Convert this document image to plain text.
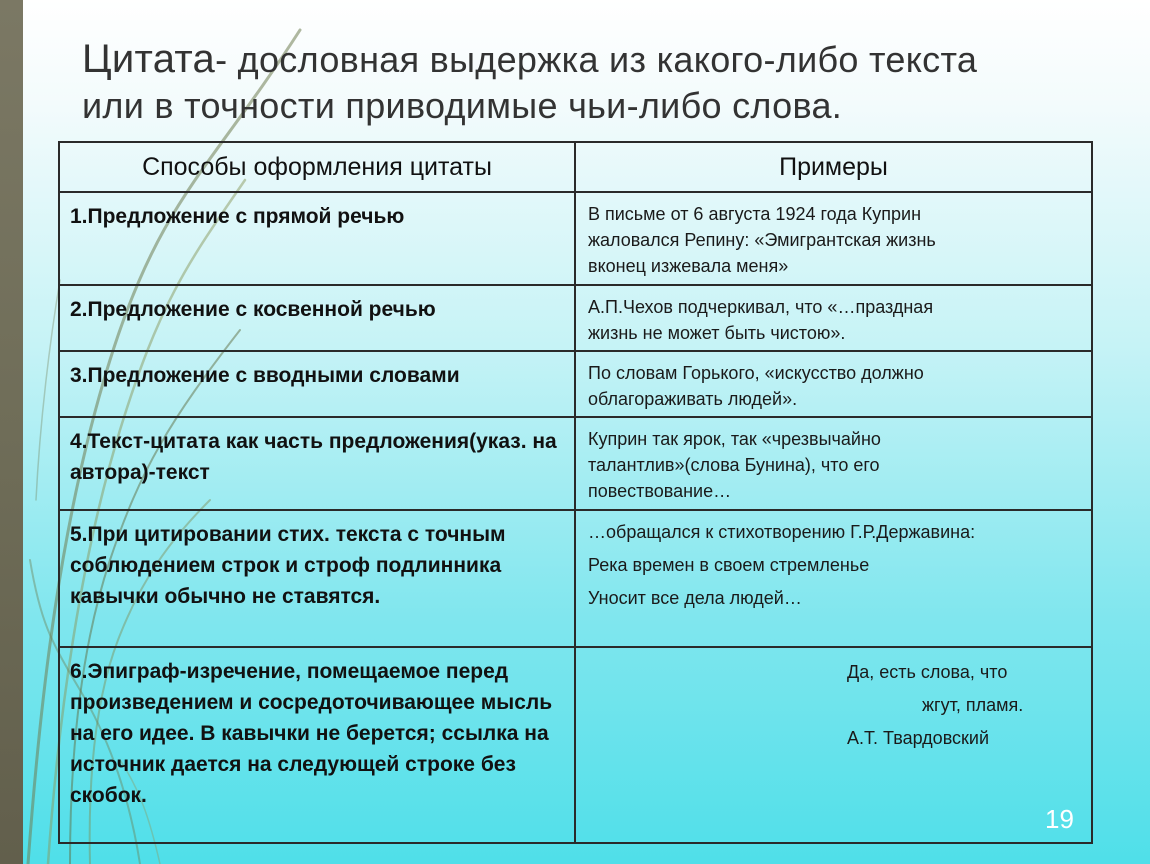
Цитата- дословная выдержка из какого-либо текста
или в точности приводимые чьи-либо слова.
Способы оформления цитаты	Примеры
1.Предложение с прямой речью	В письме от 6 августа 1924 года Куприн
жаловался Репину: «Эмигрантская жизнь
вконец изжевала меня»

2.Предложение с косвенной речью	А.П.Чехов подчеркивал, что «…праздная
жизнь не может быть чистою».

3.Предложение с вводными словами	По словам Горького, «искусство должно
облагораживать людей».

4.Текст-цитата как часть предложения(указ. на автора)-текст	Куприн так ярок, так «чрезвычайно
талантлив»(слова Бунина), что его
повествование…

5.При цитировании стих. текста с точным соблюдением строк и строф подлинника кавычки обычно не ставятся.	…обращался к стихотворению Г.Р.Державина:
Река времен в своем стремленье
Уносит все дела людей…

6.Эпиграф-изречение, помещаемое перед произведением и сосредоточивающее мысль на его идее. В кавычки не берется; ссылка на источник дается на следующей строке без скобок.	Да, есть слова, что
жгут, пламя.
А.Т. Твардовский
19
